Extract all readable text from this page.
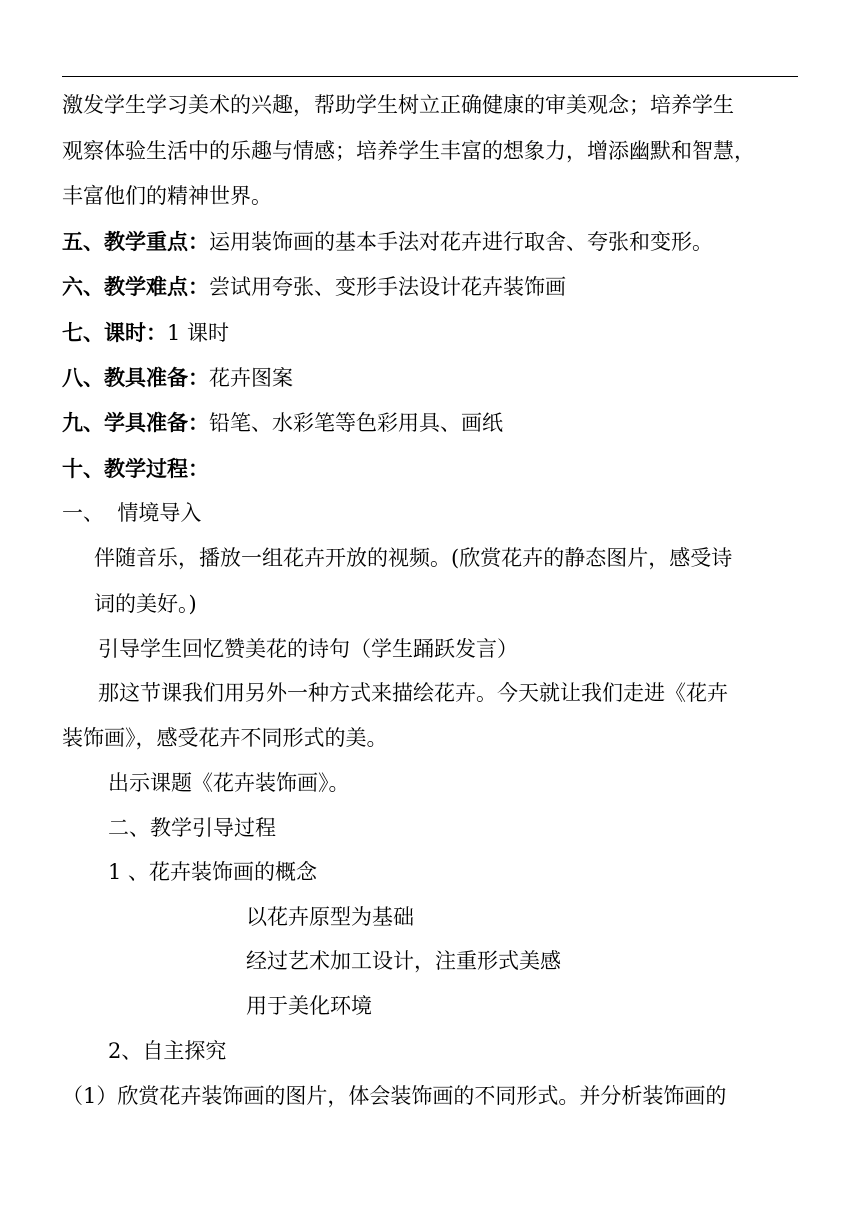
激发学生学习美术的兴趣，帮助学生树立正确健康的审美观念；培养学生
观察体验生活中的乐趣与情感；培养学生丰富的想象力，增添幽默和智慧，
丰富他们的精神世界。
五、教学重点：运用装饰画的基本手法对花卉进行取舍、夸张和变形。
六、教学难点：尝试用夸张、变形手法设计花卉装饰画
七、课时：1 课时
八、教具准备：花卉图案
九、学具准备：铅笔、水彩笔等色彩用具、画纸
十、教学过程：
一、  情境导入
伴随音乐，播放一组花卉开放的视频。(欣赏花卉的静态图片，感受诗
词的美好。)
引导学生回忆赞美花的诗句（学生踊跃发言）
那这节课我们用另外一种方式来描绘花卉。今天就让我们走进《花卉
装饰画》，感受花卉不同形式的美。
出示课题《花卉装饰画》。
二、教学引导过程
1 、花卉装饰画的概念
以花卉原型为基础
经过艺术加工设计，注重形式美感
用于美化环境
2、自主探究
（1）欣赏花卉装饰画的图片，体会装饰画的不同形式。并分析装饰画的
